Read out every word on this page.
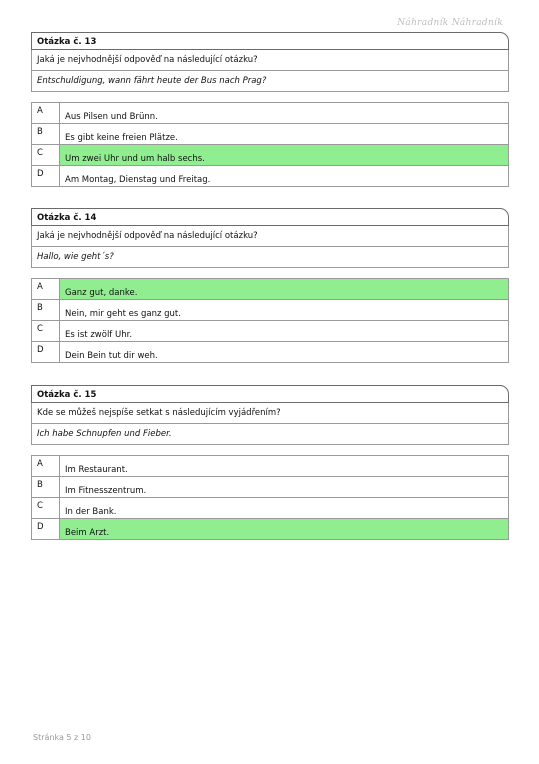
Náhradník Náhradník
Otázka č. 13
Jaká je nejvhodnější odpověď na následující otázku?
Entschuldigung, wann fährt heute der Bus nach Prag?
A
Aus Pilsen und Brünn.
B
Es gibt keine freien Plätze.
C
Um zwei Uhr und um halb sechs.
D
Am Montag, Dienstag und Freitag.
Otázka č. 14
Jaká je nejvhodnější odpověď na následující otázku?
Hallo, wie geht´s?
A
Ganz gut, danke.
B
Nein, mir geht es ganz gut.
C
Es ist zwölf Uhr.
D
Dein Bein tut dir weh.
Otázka č. 15
Kde se můžeš nejspíše setkat s následujícím vyjádřením?
Ich habe Schnupfen und Fieber.
A
Im Restaurant.
B
Im Fitnesszentrum.
C
In der Bank.
D
Beim Arzt.
Stránka 5 z 10
